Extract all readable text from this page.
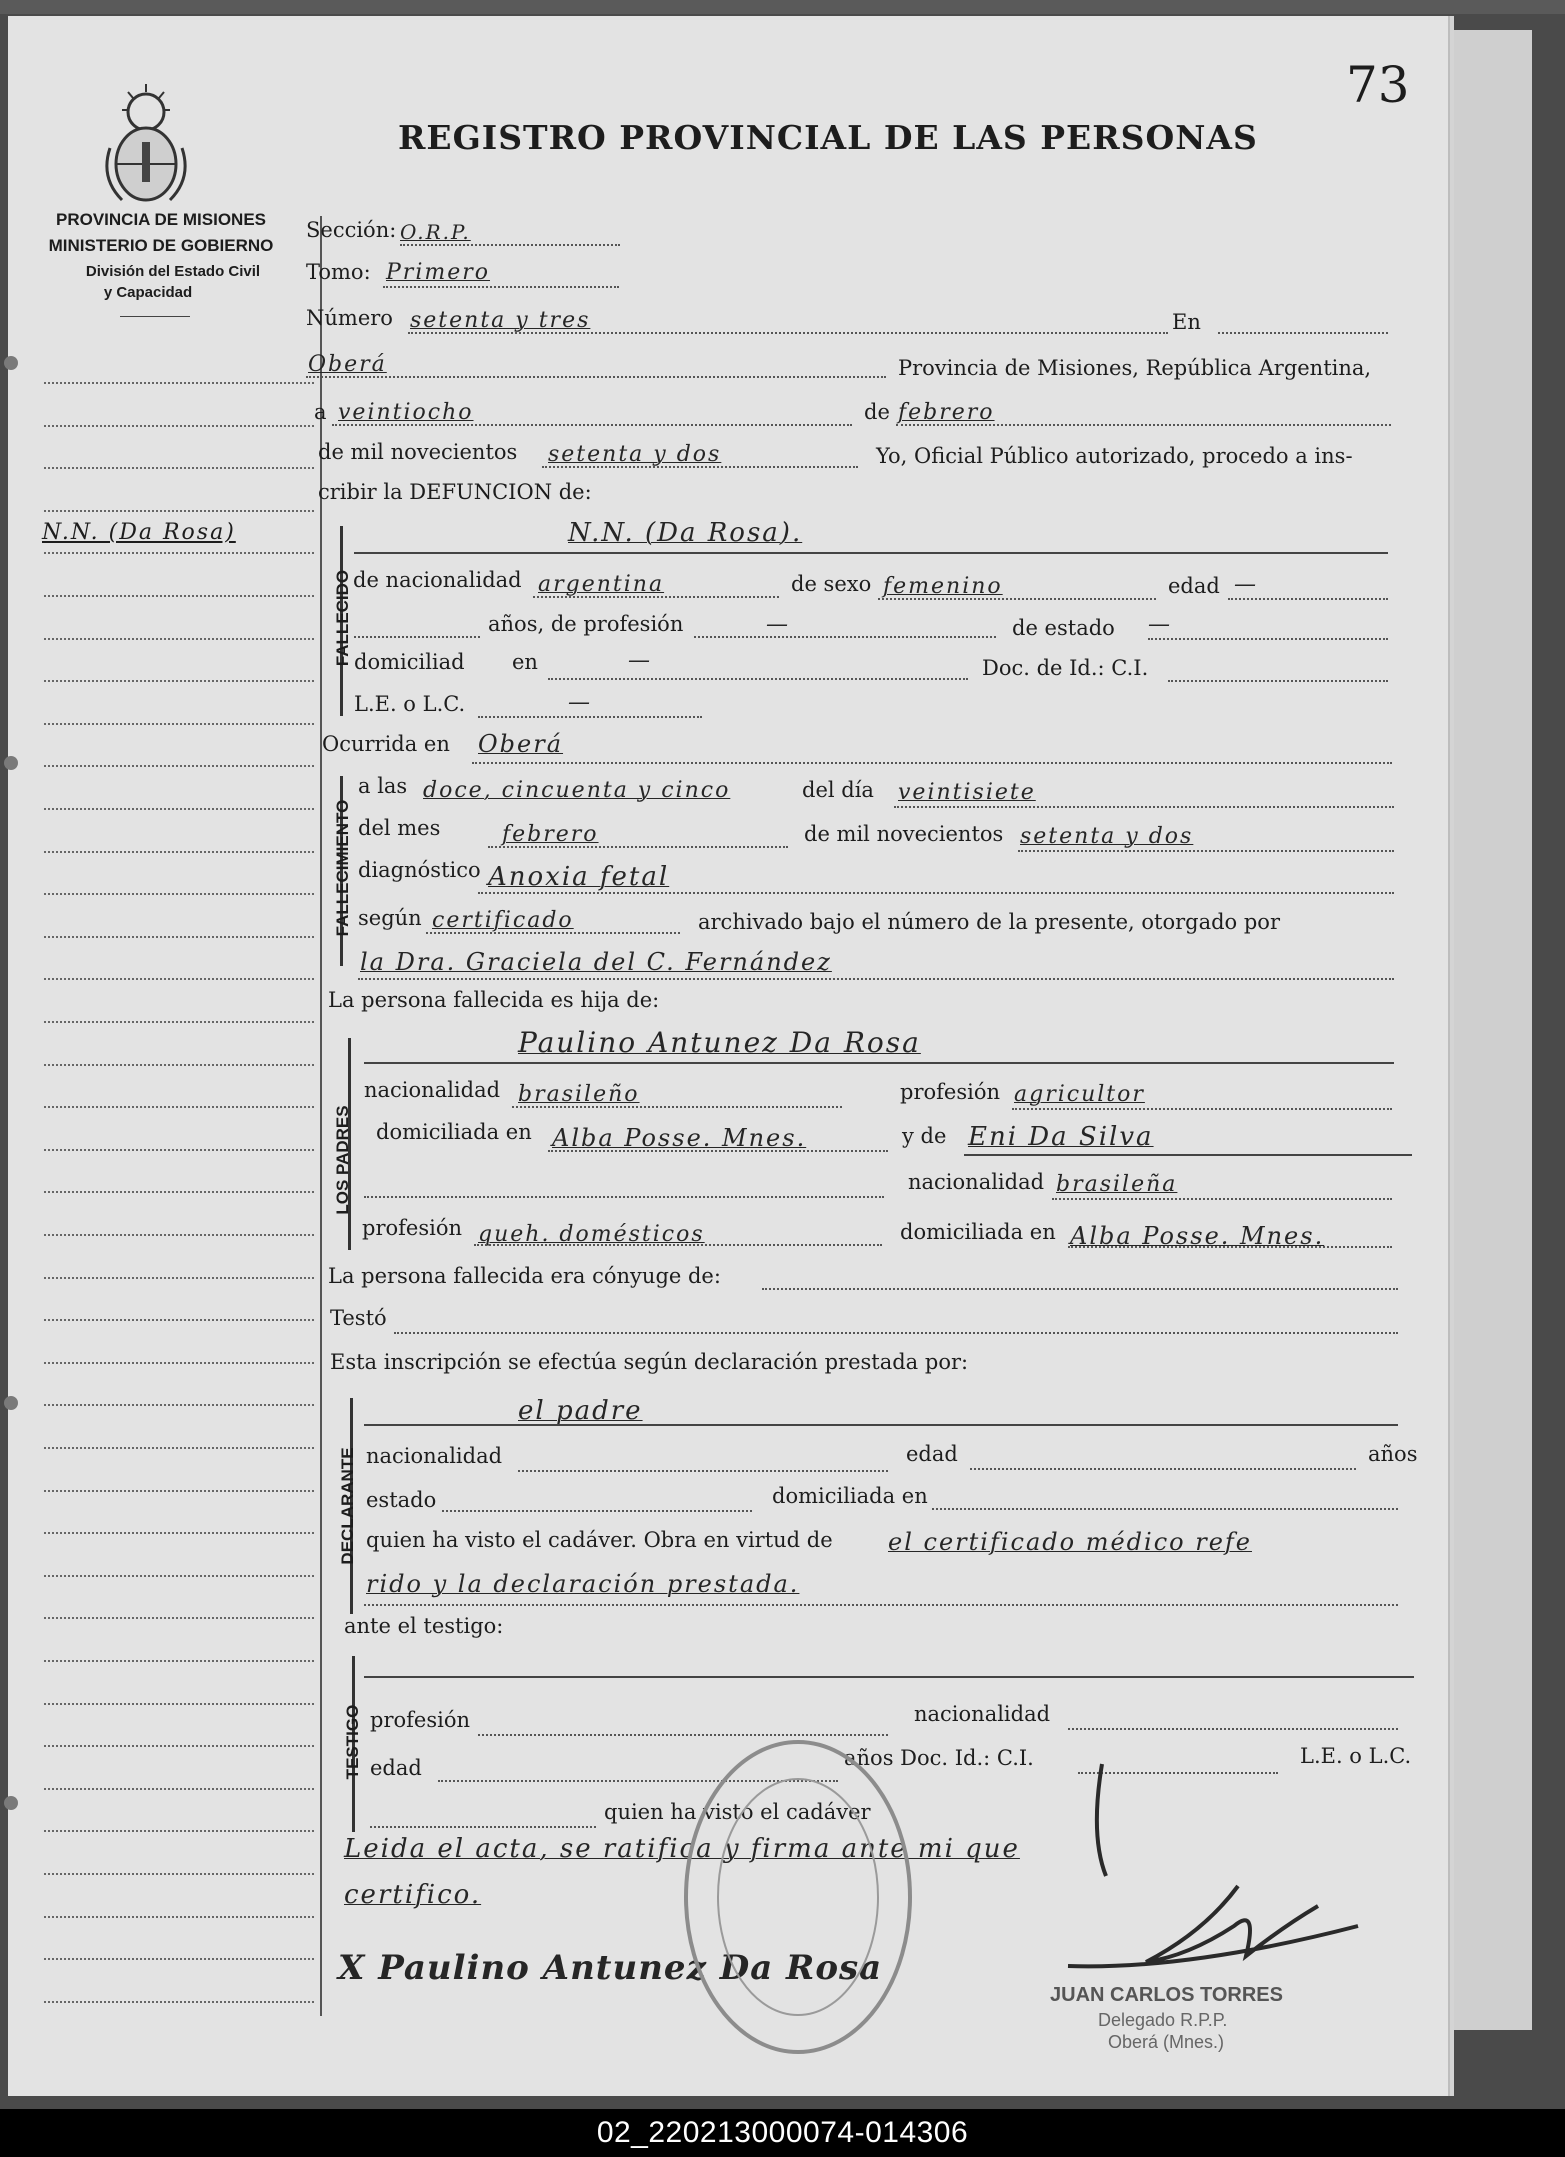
73
REGISTRO PROVINCIAL DE LAS PERSONAS
PROVINCIA DE MISIONES
MINISTERIO DE GOBIERNO
División del Estado Civil
y Capacidad
N.N. (Da Rosa)
Sección: O.R.P.
Tomo: Primero
Número setenta y tres	En
Oberá	Provincia de Misiones, República Argentina,
a veintiocho	de febrero
de mil novecientos setenta y dos	Yo, Oficial Público autorizado, procedo a ins-
cribir la DEFUNCION de:
FALLECIDO
N.N. (Da Rosa).
de nacionalidad argentina	de sexo femenino	edad —
años, de profesión	—	de estado —
domiciliad en	—	Doc. de Id.: C.I.
L.E. o L.C.	—
Ocurrida en Oberá
FALLECIMIENTO
a las doce, cincuenta y cinco	del día veintisiete
del mes	febrero	de mil novecientos setenta y dos
diagnóstico Anoxia fetal
según certificado	archivado bajo el número de la presente, otorgado por
la Dra. Graciela del C. Fernández
La persona fallecida es hija de:
LOS PADRES
Paulino Antunez Da Rosa
nacionalidad brasileño	profesión agricultor
domiciliada en Alba Posse. Mnes.	y de Eni Da Silva
nacionalidad brasileña
profesión queh. domésticos	domiciliada en Alba Posse. Mnes.
La persona fallecida era cónyuge de:
Testó
Esta inscripción se efectúa según declaración prestada por:
DECLARANTE
el padre
nacionalidad	edad	años
estado	domiciliada en
quien ha visto el cadáver. Obra en virtud de el certificado médico refe
rido y la declaración prestada.
ante el testigo:
TESTIGO profesión	nacionalidad
edad	años Doc. Id.: C.I.	L.E. o L.C.
quien ha visto el cadáver
Leida el acta, se ratifica y firma ante mi que
certifico.
X Paulino Antunez Da Rosa
JUAN CARLOS TORRES
Delegado R.P.P.
Oberá (Mnes.)
02_220213000074-014306
